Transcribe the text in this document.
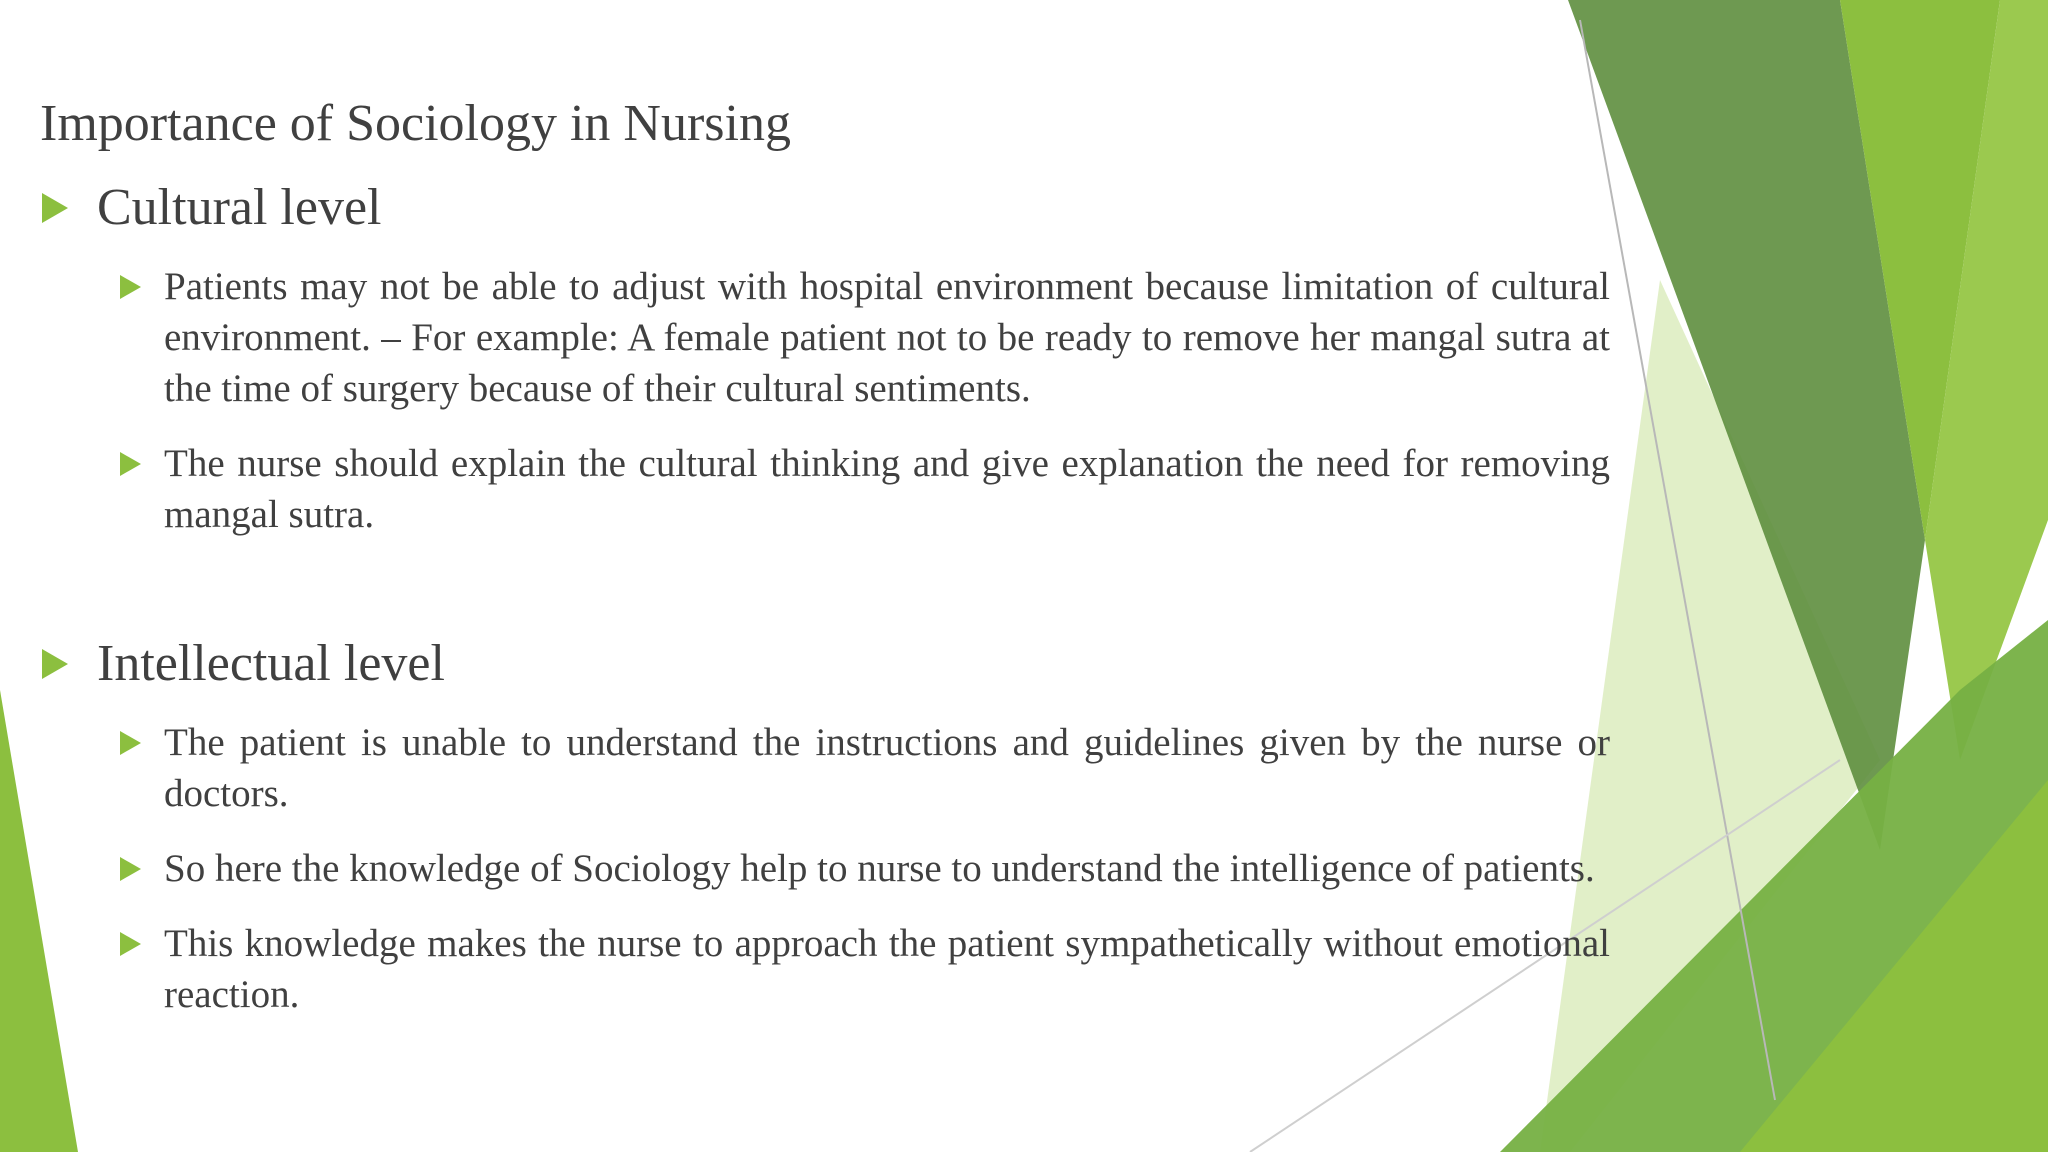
Importance of Sociology in Nursing
Cultural level
Patients may not be able to adjust with hospital environment because limitation of cultural environment. – For example: A female patient not to be ready to remove her mangal sutra at the time of surgery because of their cultural sentiments.
The nurse should explain the cultural thinking and give explanation the need for removing mangal sutra.
Intellectual level
The patient is unable to understand the instructions and guidelines given by the nurse or doctors.
So here the knowledge of Sociology help to nurse to understand the intelligence of patients.
This knowledge makes the nurse to approach the patient sympathetically without emotional reaction.
